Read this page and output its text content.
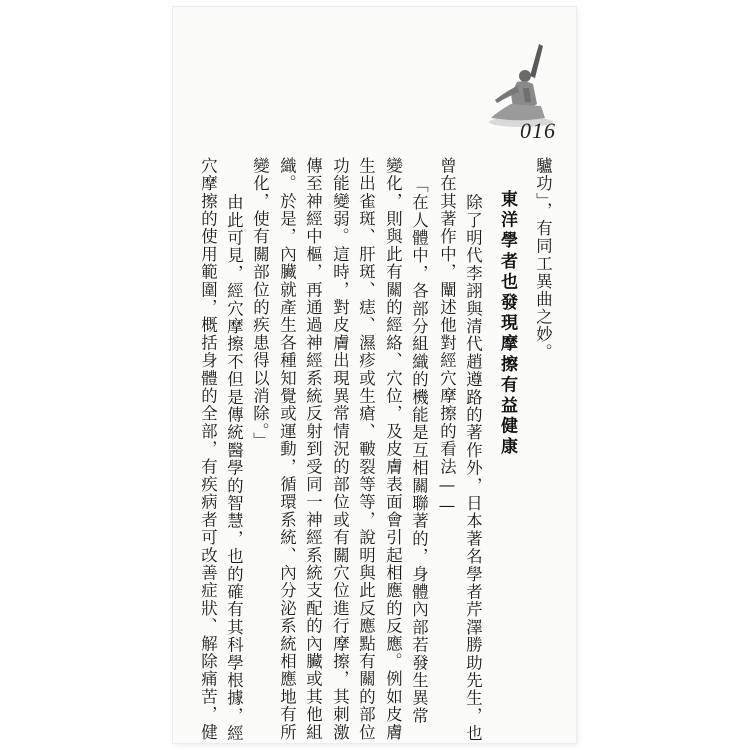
016
驢功」，有同工異曲之妙。
東洋學者也發現摩擦有益健康
　除了明代李詡與清代趙遵路的著作外，日本著名學者芹澤勝助先生，也
曾在其著作中，闡述他對經穴摩擦的看法——
「在人體中，各部分組織的機能是互相關聯著的，身體內部若發生異常
變化，則與此有關的經絡、穴位，及皮膚表面會引起相應的反應。例如皮膚
生出雀斑、肝斑、痣、濕疹或生瘡、皸裂等等，說明與此反應點有關的部位
功能變弱。這時，對皮膚出現異常情況的部位或有關穴位進行摩擦，其刺激
傳至神經中樞，再通過神經系統反射到受同一神經系統支配的內臟或其他組
織。於是，內臟就產生各種知覺或運動，循環系統、內分泌系統相應地有所
變化，使有關部位的疾患得以消除。」
　由此可見，經穴摩擦不但是傳統醫學的智慧，也的確有其科學根據，經
穴摩擦的使用範圍，概括身體的全部，有疾病者可改善症狀、解除痛苦，健
